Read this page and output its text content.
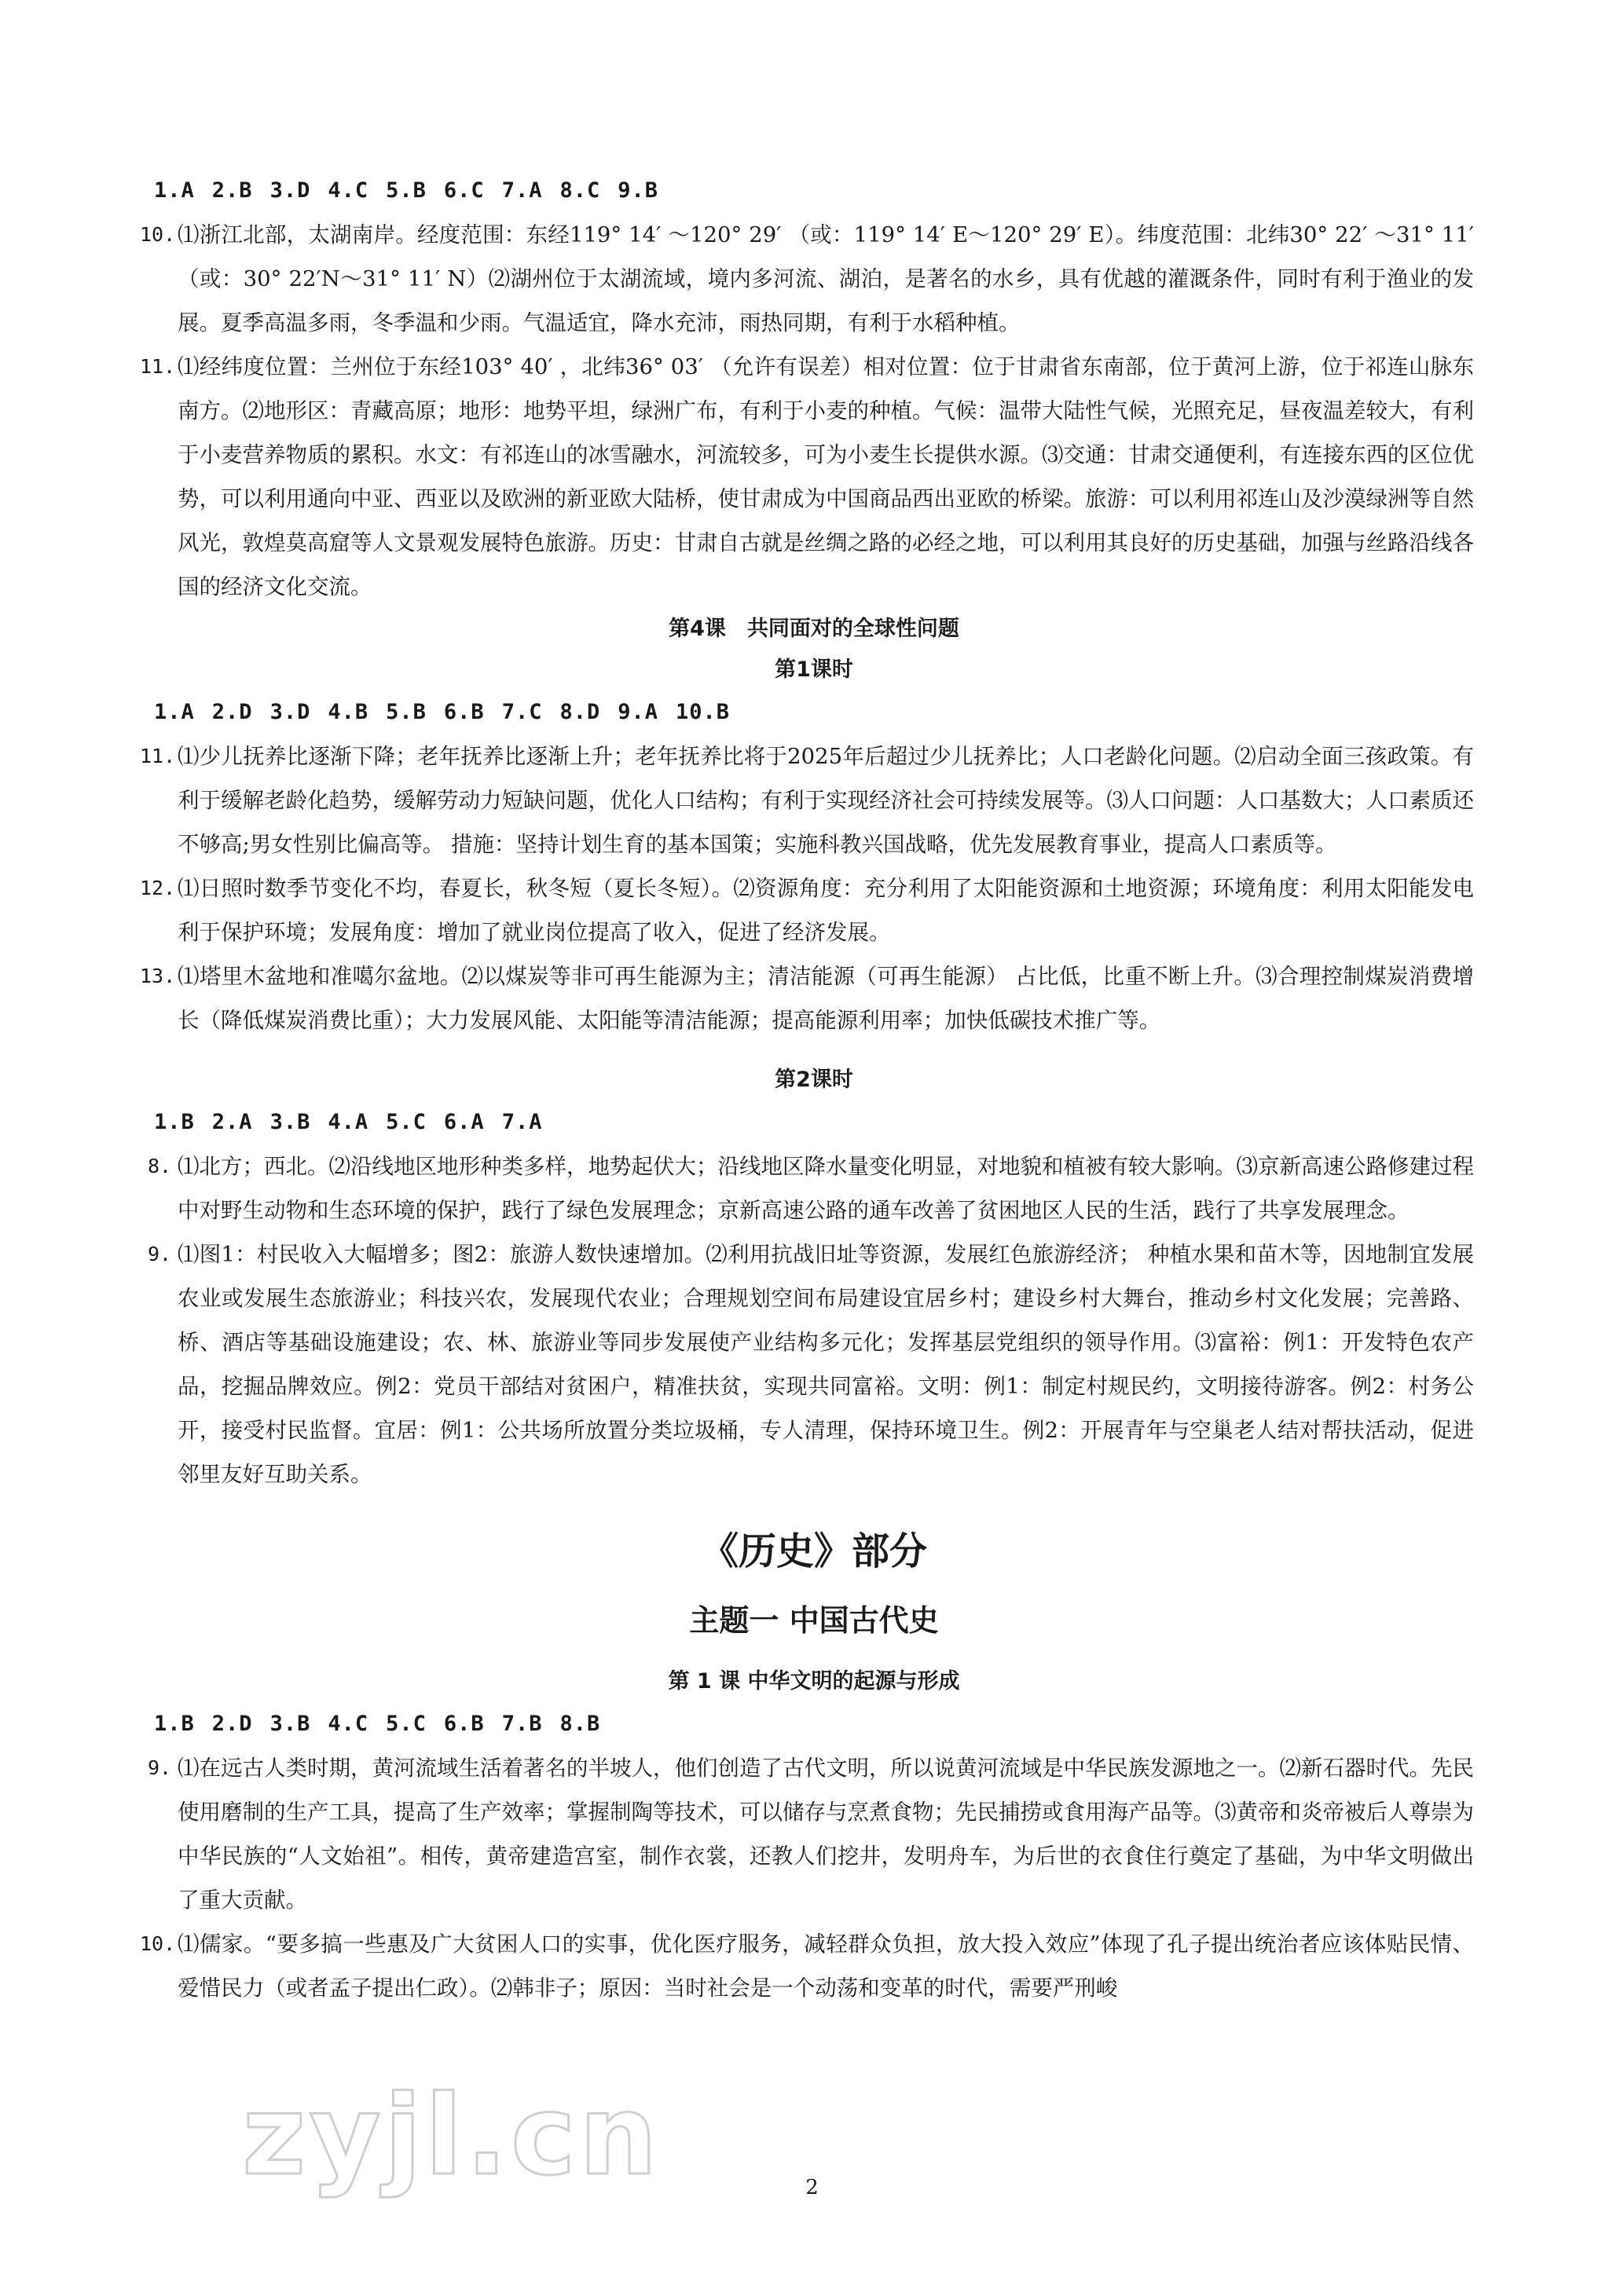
1.A 2.B 3.D 4.C 5.B 6.C 7.A 8.C 9.B
10. ⑴浙江北部，太湖南岸。经度范围：东经119° 14′ ～120° 29′ （或：119° 14′ E～120° 29′ E）。纬度范围：北纬30° 22′ ～31° 11′ （或：30° 22′N～31° 11′ N）⑵湖州位于太湖流域，境内多河流、湖泊，是著名的水乡，具有优越的灌溉条件，同时有利于渔业的发展。夏季高温多雨，冬季温和少雨。气温适宜，降水充沛，雨热同期，有利于水稻种植。
11. ⑴经纬度位置：兰州位于东经103° 40′ ，北纬36° 03′ （允许有误差）相对位置：位于甘肃省东南部，位于黄河上游，位于祁连山脉东南方。⑵地形区：青藏高原；地形：地势平坦，绿洲广布，有利于小麦的种植。气候：温带大陆性气候，光照充足，昼夜温差较大，有利于小麦营养物质的累积。水文：有祁连山的冰雪融水，河流较多，可为小麦生长提供水源。⑶交通：甘肃交通便利，有连接东西的区位优势，可以利用通向中亚、西亚以及欧洲的新亚欧大陆桥，使甘肃成为中国商品西出亚欧的桥梁。旅游：可以利用祁连山及沙漠绿洲等自然风光，敦煌莫高窟等人文景观发展特色旅游。历史：甘肃自古就是丝绸之路的必经之地，可以利用其良好的历史基础，加强与丝路沿线各国的经济文化交流。
第4课　共同面对的全球性问题
第1课时
1.A 2.D 3.D 4.B 5.B 6.B 7.C 8.D 9.A 10.B
11. ⑴少儿抚养比逐渐下降；老年抚养比逐渐上升；老年抚养比将于2025年后超过少儿抚养比；人口老龄化问题。⑵启动全面三孩政策。有利于缓解老龄化趋势，缓解劳动力短缺问题，优化人口结构；有利于实现经济社会可持续发展等。⑶人口问题：人口基数大；人口素质还不够高;男女性别比偏高等。 措施：坚持计划生育的基本国策；实施科教兴国战略，优先发展教育事业，提高人口素质等。
12. ⑴日照时数季节变化不均，春夏长，秋冬短（夏长冬短）。⑵资源角度：充分利用了太阳能资源和土地资源；环境角度：利用太阳能发电利于保护环境；发展角度：增加了就业岗位提高了收入，促进了经济发展。
13. ⑴塔里木盆地和准噶尔盆地。⑵以煤炭等非可再生能源为主；清洁能源（可再生能源） 占比低，比重不断上升。⑶合理控制煤炭消费增长（降低煤炭消费比重）；大力发展风能、太阳能等清洁能源；提高能源利用率；加快低碳技术推广等。
第2课时
1.B 2.A 3.B 4.A 5.C 6.A 7.A
8. ⑴北方；西北。⑵沿线地区地形种类多样，地势起伏大；沿线地区降水量变化明显，对地貌和植被有较大影响。⑶京新高速公路修建过程中对野生动物和生态环境的保护，践行了绿色发展理念；京新高速公路的通车改善了贫困地区人民的生活，践行了共享发展理念。
9. ⑴图1：村民收入大幅增多；图2：旅游人数快速增加。⑵利用抗战旧址等资源，发展红色旅游经济； 种植水果和苗木等，因地制宜发展农业或发展生态旅游业；科技兴农，发展现代农业；合理规划空间布局建设宜居乡村；建设乡村大舞台，推动乡村文化发展；完善路、桥、酒店等基础设施建设；农、林、旅游业等同步发展使产业结构多元化；发挥基层党组织的领导作用。⑶富裕：例1：开发特色农产品，挖掘品牌效应。例2：党员干部结对贫困户，精准扶贫，实现共同富裕。文明：例1：制定村规民约，文明接待游客。例2：村务公开，接受村民监督。宜居：例1：公共场所放置分类垃圾桶，专人清理，保持环境卫生。例2：开展青年与空巢老人结对帮扶活动，促进邻里友好互助关系。
《历史》部分
主题一 中国古代史
第 1 课 中华文明的起源与形成
1.B 2.D 3.B 4.C 5.C 6.B 7.B 8.B
9. ⑴在远古人类时期，黄河流域生活着著名的半坡人，他们创造了古代文明，所以说黄河流域是中华民族发源地之一。⑵新石器时代。先民使用磨制的生产工具，提高了生产效率；掌握制陶等技术，可以储存与烹煮食物；先民捕捞或食用海产品等。⑶黄帝和炎帝被后人尊崇为中华民族的“人文始祖”。相传，黄帝建造宫室，制作衣裳，还教人们挖井，发明舟车，为后世的衣食住行奠定了基础，为中华文明做出了重大贡献。
10. ⑴儒家。“要多搞一些惠及广大贫困人口的实事，优化医疗服务，减轻群众负担，放大投入效应”体现了孔子提出统治者应该体贴民情、爱惜民力（或者孟子提出仁政）。⑵韩非子；原因：当时社会是一个动荡和变革的时代，需要严刑峻
2
zyjl.cn
